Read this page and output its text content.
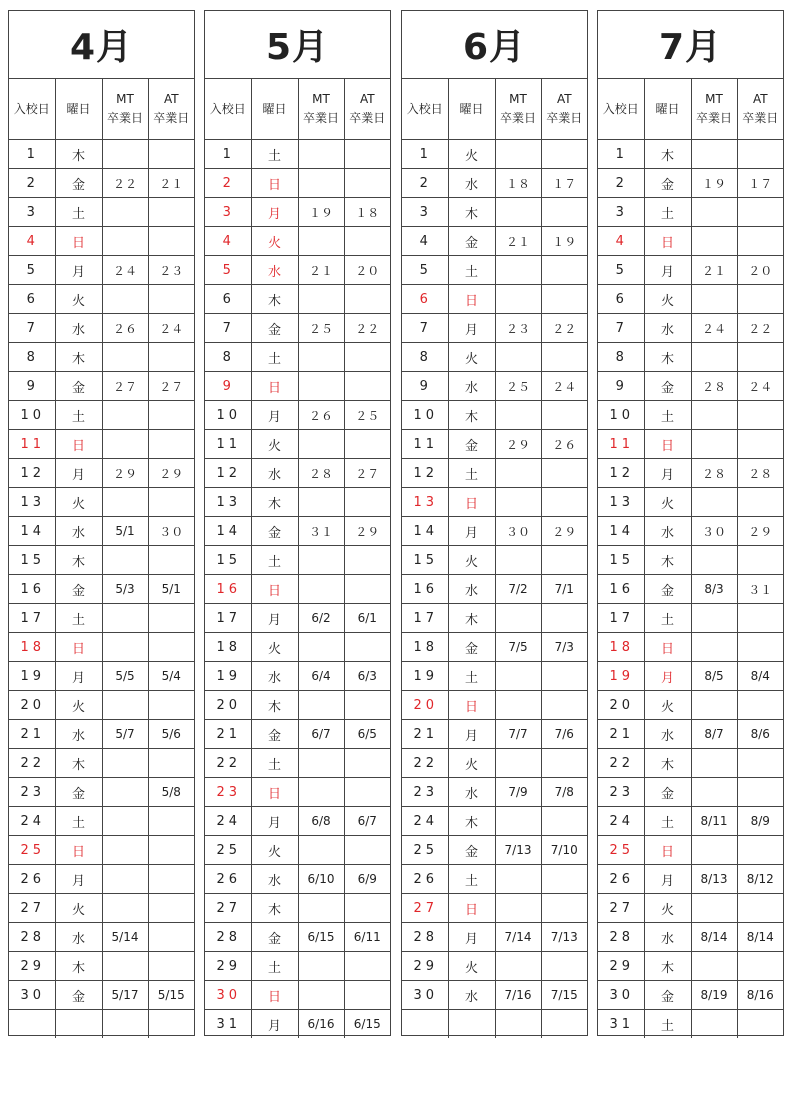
4月
入校日	曜日	MT
卒業日	AT
卒業日
1	木		
2	金	２２	２１
3	土		
4	日		
5	月	２４	２３
6	火		
7	水	２６	２４
8	木		
9	金	２７	２７
10	土		
11	日		
12	月	２９	２９
13	火		
14	水	5/1	３０
15	木		
16	金	5/3	5/1
17	土		
18	日		
19	月	5/5	5/4
20	火		
21	水	5/7	5/6
22	木		
23	金		5/8
24	土		
25	日		
26	月		
27	火		
28	水	5/14	
29	木		
30	金	5/17	5/15

5月
入校日	曜日	MT
卒業日	AT
卒業日
1	土		
2	日		
3	月	１９	１８
4	火		
5	水	２１	２０
6	木		
7	金	２５	２２
8	土		
9	日		
10	月	２６	２５
11	火		
12	水	２８	２７
13	木		
14	金	３１	２９
15	土		
16	日		
17	月	6/2	6/1
18	火		
19	水	6/4	6/3
20	木		
21	金	6/7	6/5
22	土		
23	日		
24	月	6/8	6/7
25	火		
26	水	6/10	6/9
27	木		
28	金	6/15	6/11
29	土		
30	日		
31	月	6/16	6/15
6月
入校日	曜日	MT
卒業日	AT
卒業日
1	火		
2	水	１８	１７
3	木		
4	金	２１	１９
5	土		
6	日		
7	月	２３	２２
8	火		
9	水	２５	２４
10	木		
11	金	２９	２６
12	土		
13	日		
14	月	３０	２９
15	火		
16	水	7/2	7/1
17	木		
18	金	7/5	7/3
19	土		
20	日		
21	月	7/7	7/6
22	火		
23	水	7/9	7/8
24	木		
25	金	7/13	7/10
26	土		
27	日		
28	月	7/14	7/13
29	火		
30	水	7/16	7/15

7月
入校日	曜日	MT
卒業日	AT
卒業日
1	木		
2	金	１９	１７
3	土		
4	日		
5	月	２１	２０
6	火		
7	水	２４	２２
8	木		
9	金	２８	２４
10	土		
11	日		
12	月	２８	２８
13	火		
14	水	３０	２９
15	木		
16	金	8/3	３１
17	土		
18	日		
19	月	8/5	8/4
20	火		
21	水	8/7	8/6
22	木		
23	金		
24	土	8/11	8/9
25	日		
26	月	8/13	8/12
27	火		
28	水	8/14	8/14
29	木		
30	金	8/19	8/16
31	土		
